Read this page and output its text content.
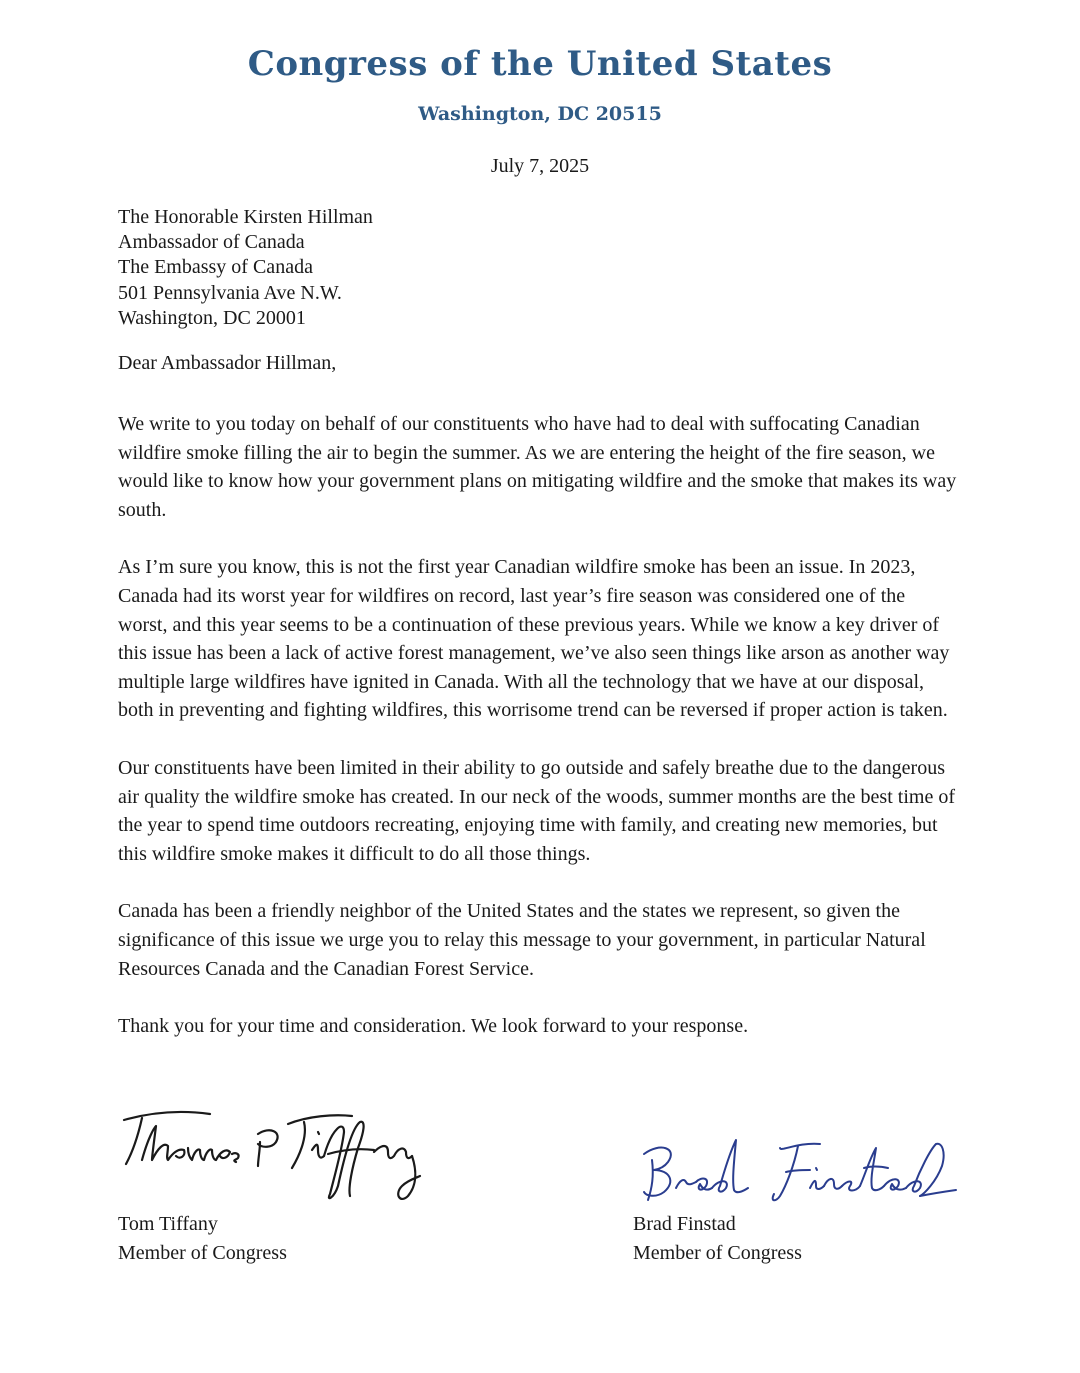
Congress of the United States
Washington, DC 20515
July 7, 2025
The Honorable Kirsten Hillman
Ambassador of Canada
The Embassy of Canada
501 Pennsylvania Ave N.W.
Washington, DC 20001
Dear Ambassador Hillman,

We write to you today on behalf of our constituents who have had to deal with suffocating Canadian wildfire smoke filling the air to begin the summer. As we are entering the height of the fire season, we would like to know how your government plans on mitigating wildfire and the smoke that makes its way south.

As I’m sure you know, this is not the first year Canadian wildfire smoke has been an issue. In 2023, Canada had its worst year for wildfires on record, last year’s fire season was considered one of the worst, and this year seems to be a continuation of these previous years. While we know a key driver of this issue has been a lack of active forest management, we’ve also seen things like arson as another way multiple large wildfires have ignited in Canada. With all the technology that we have at our disposal, both in preventing and fighting wildfires, this worrisome trend can be reversed if proper action is taken.

Our constituents have been limited in their ability to go outside and safely breathe due to the dangerous air quality the wildfire smoke has created. In our neck of the woods, summer months are the best time of the year to spend time outdoors recreating, enjoying time with family, and creating new memories, but this wildfire smoke makes it difficult to do all those things.

Canada has been a friendly neighbor of the United States and the states we represent, so given the significance of this issue we urge you to relay this message to your government, in particular Natural Resources Canada and the Canadian Forest Service.

Thank you for your time and consideration. We look forward to your response.

Tom Tiffany
Member of Congress
Brad Finstad
Member of Congress
